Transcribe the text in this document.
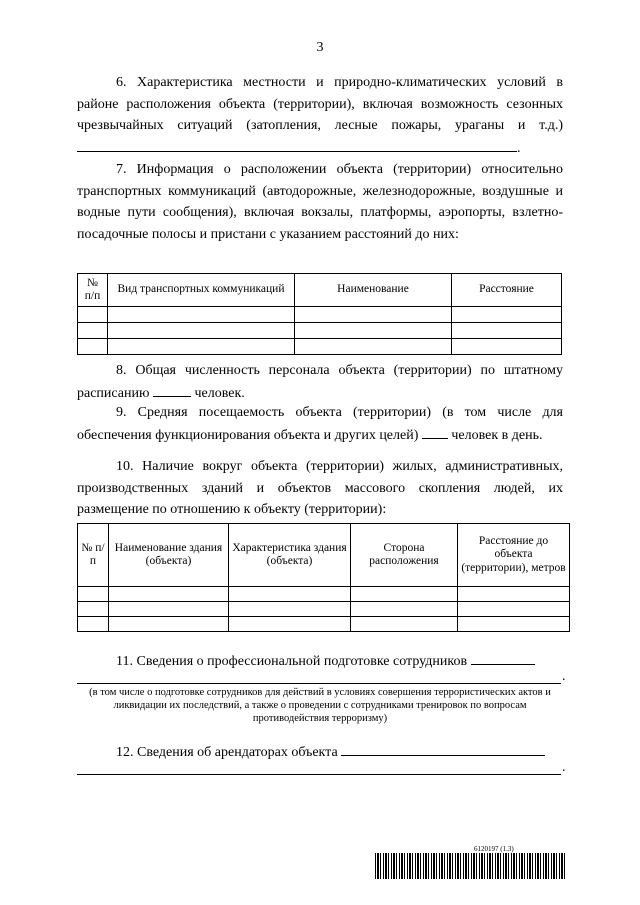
3

6. Характеристика местности и природно-климатических условий в районе расположения объекта (территории), включая возможность сезонных чрезвычайных ситуаций (затопления, лесные пожары, ураганы и т.д.) .

7. Информация о расположении объекта (территории) относительно транспортных коммуникаций (автодорожные, железнодорожные, воздушные и водные пути сообщения), включая вокзалы, платформы, аэропорты, взлетно-посадочные полосы и пристани с указанием расстояний до них:

№ п/п	Вид транспортных коммуникаций	Наименование	Расстояние

8. Общая численность персонала объекта (территории) по штатному расписанию	человек.

9. Средняя посещаемость объекта (территории) (в том числе для обеспечения функционирования объекта и других целей) человек в день.

10. Наличие вокруг объекта (территории) жилых, административных, производственных зданий и объектов массового скопления людей, их размещение по отношению к объекту (территории):

№ п/п	Наименование здания (объекта)	Характеристика здания (объекта)	Сторона расположения	Расстояние до объекта (территории), метров

11. Сведения о профессиональной подготовке сотрудников

.
(в том числе о подготовке сотрудников для действий в условиях совершения террористических актов и ликвидации их последствий, а также о проведении с сотрудниками тренировок по вопросам противодействия терроризму)

12. Сведения об арендаторах объекта

.
6120197 (1.3)
